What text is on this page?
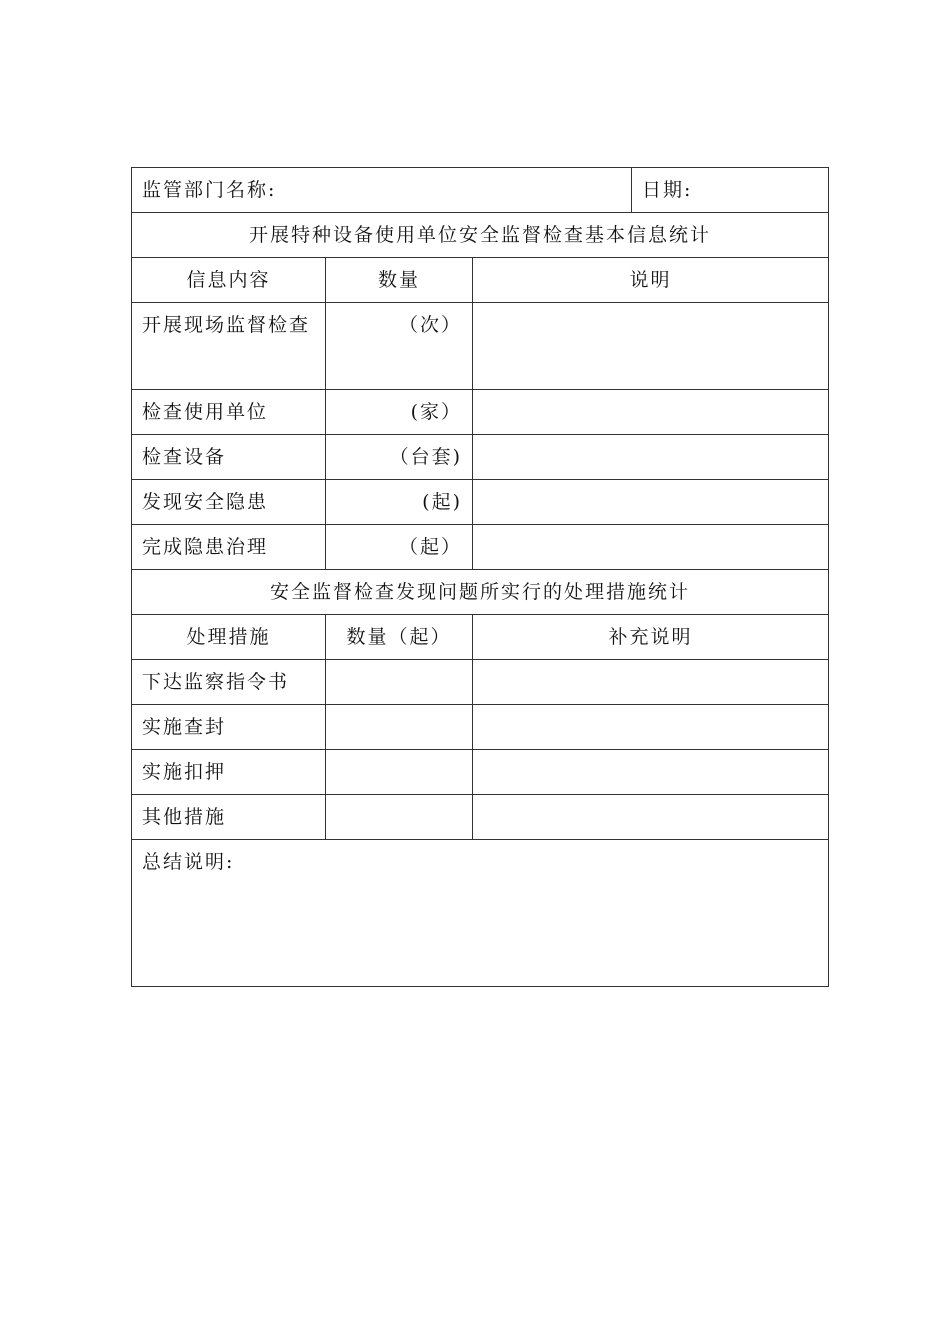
监管部门名称:			日期:
开展特种设备使用单位安全监督检查基本信息统计			
信息内容	数量	说明	
开展现场监督检查	（次）		
检查使用单位	(家）		
检查设备	（台套)		
发现安全隐患	(起)		
完成隐患治理	（起）		
安全监督检查发现问题所实行的处理措施统计			
处理措施	数量（起）	补充说明	
下达监察指令书			
实施查封			
实施扣押			
其他措施			
总结说明:			
